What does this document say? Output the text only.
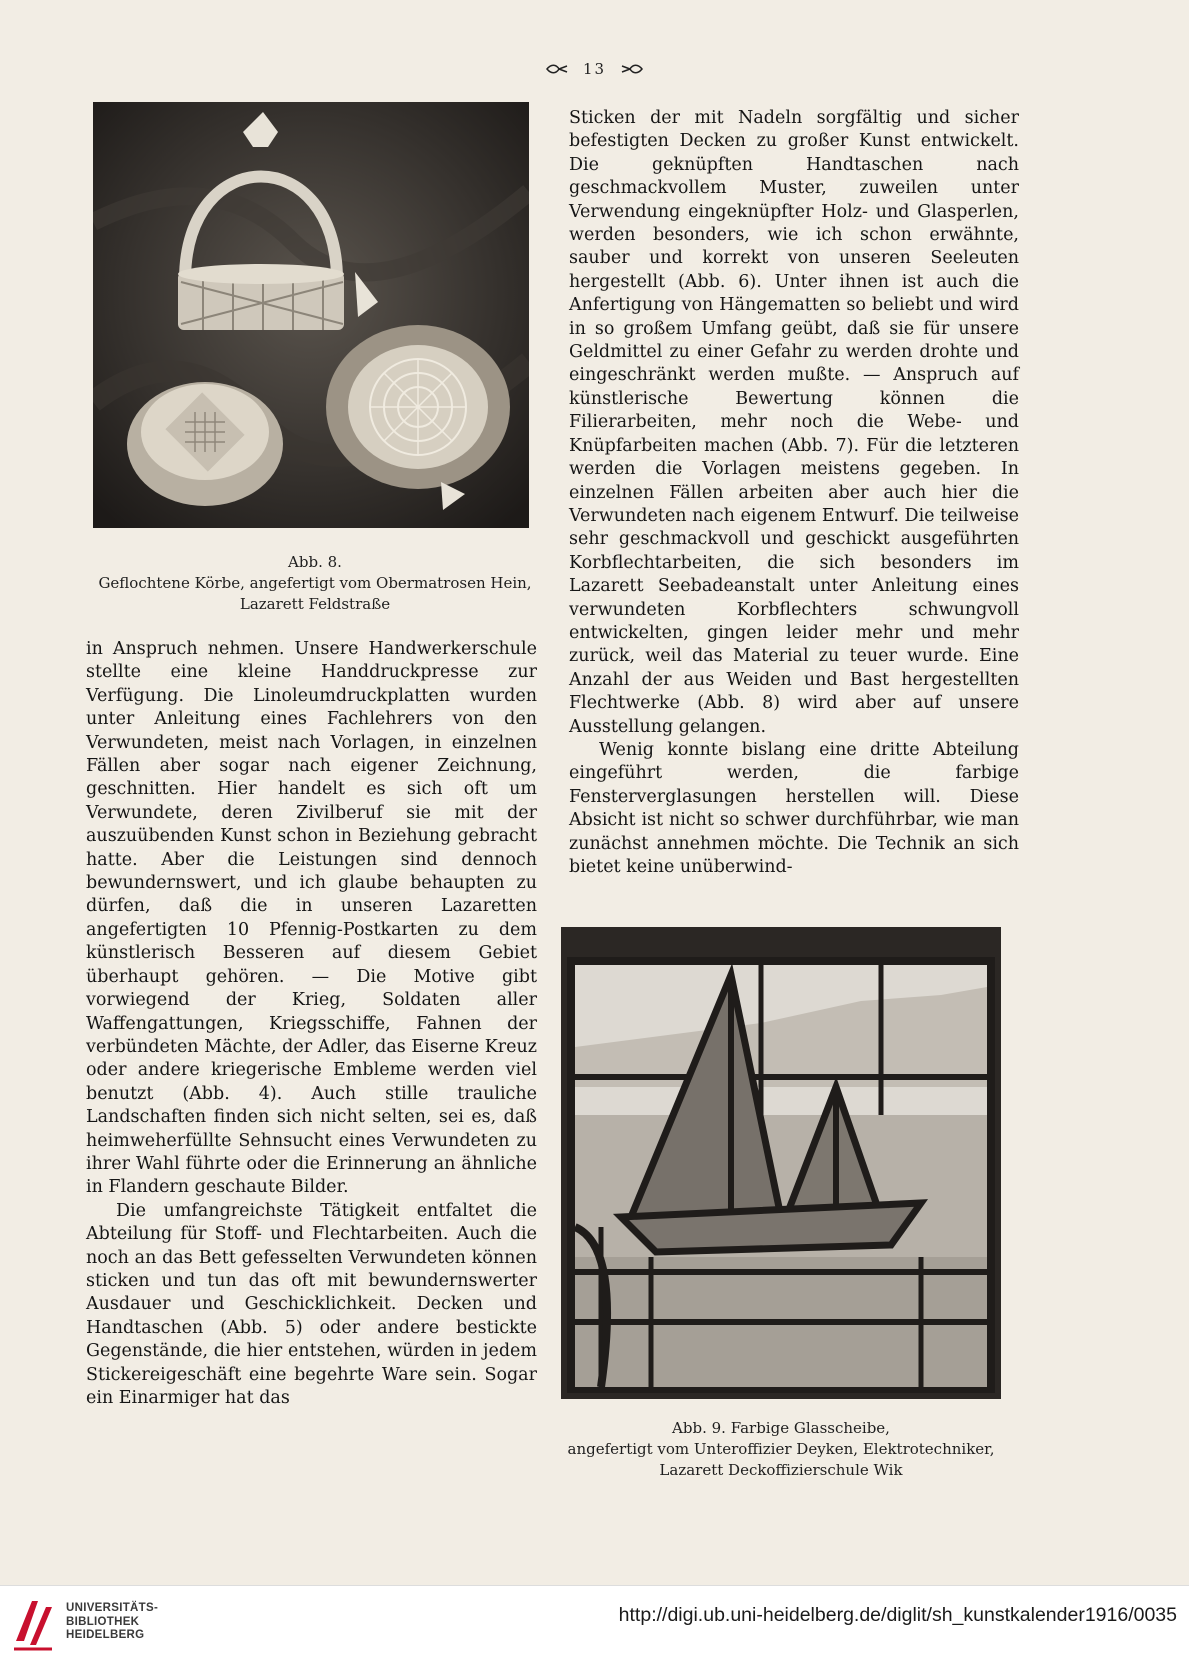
13
Abb. 8.
Geflochtene Körbe, angefertigt vom Obermatrosen Hein,
Lazarett Feldstraße

in Anspruch nehmen. Unsere Handwerkerschule stellte eine kleine Handdruckpresse zur Verfügung. Die Linoleumdruckplatten wurden unter Anleitung eines Fachlehrers von den Verwundeten, meist nach Vorlagen, in einzelnen Fällen aber sogar nach eigener Zeichnung, geschnitten. Hier handelt es sich oft um Verwundete, deren Zivilberuf sie mit der auszuübenden Kunst schon in Beziehung gebracht hatte. Aber die Leistungen sind dennoch bewundernswert, und ich glaube behaupten zu dürfen, daß die in unseren Lazaretten angefertigten 10 Pfennig-Postkarten zu dem künstlerisch Besseren auf diesem Gebiet überhaupt gehören. — Die Motive gibt vorwiegend der Krieg, Soldaten aller Waffengattungen, Kriegsschiffe, Fahnen der verbündeten Mächte, der Adler, das Eiserne Kreuz oder andere kriegerische Embleme werden viel benutzt (Abb. 4). Auch stille trauliche Landschaften finden sich nicht selten, sei es, daß heimweherfüllte Sehnsucht eines Verwundeten zu ihrer Wahl führte oder die Erinnerung an ähnliche in Flandern geschaute Bilder.

Die umfangreichste Tätigkeit entfaltet die Abteilung für Stoff- und Flechtarbeiten. Auch die noch an das Bett gefesselten Verwundeten können sticken und tun das oft mit bewundernswerter Ausdauer und Geschicklichkeit. Decken und Handtaschen (Abb. 5) oder andere bestickte Gegenstände, die hier entstehen, würden in jedem Stickereigeschäft eine begehrte Ware sein. Sogar ein Einarmiger hat das

Sticken der mit Nadeln sorgfältig und sicher befestigten Decken zu großer Kunst entwickelt. Die geknüpften Handtaschen nach geschmackvollem Muster, zuweilen unter Verwendung eingeknüpfter Holz- und Glasperlen, werden besonders, wie ich schon erwähnte, sauber und korrekt von unseren Seeleuten hergestellt (Abb. 6). Unter ihnen ist auch die Anfertigung von Hängematten so beliebt und wird in so großem Umfang geübt, daß sie für unsere Geldmittel zu einer Gefahr zu werden drohte und eingeschränkt werden mußte. — Anspruch auf künstlerische Bewertung können die Filierarbeiten, mehr noch die Webe- und Knüpfarbeiten machen (Abb. 7). Für die letzteren werden die Vorlagen meistens gegeben. In einzelnen Fällen arbeiten aber auch hier die Verwundeten nach eigenem Entwurf. Die teilweise sehr geschmackvoll und geschickt ausgeführten Korbflechtarbeiten, die sich besonders im Lazarett Seebadeanstalt unter Anleitung eines verwundeten Korbflechters schwungvoll entwickelten, gingen leider mehr und mehr zurück, weil das Material zu teuer wurde. Eine Anzahl der aus Weiden und Bast hergestellten Flechtwerke (Abb. 8) wird aber auf unsere Ausstellung gelangen.

Wenig konnte bislang eine dritte Abteilung eingeführt werden, die farbige Fensterverglasungen herstellen will. Diese Absicht ist nicht so schwer durchführbar, wie man zunächst annehmen möchte. Die Technik an sich bietet keine unüberwind-

Abb. 9. Farbige Glasscheibe,
angefertigt vom Unteroffizier Deyken, Elektrotechniker,
Lazarett Deckoffizierschule Wik
UNIVERSITÄTS-
BIBLIOTHEK
HEIDELBERG
http://digi.ub.uni-heidelberg.de/diglit/sh_kunstkalender1916/0035
